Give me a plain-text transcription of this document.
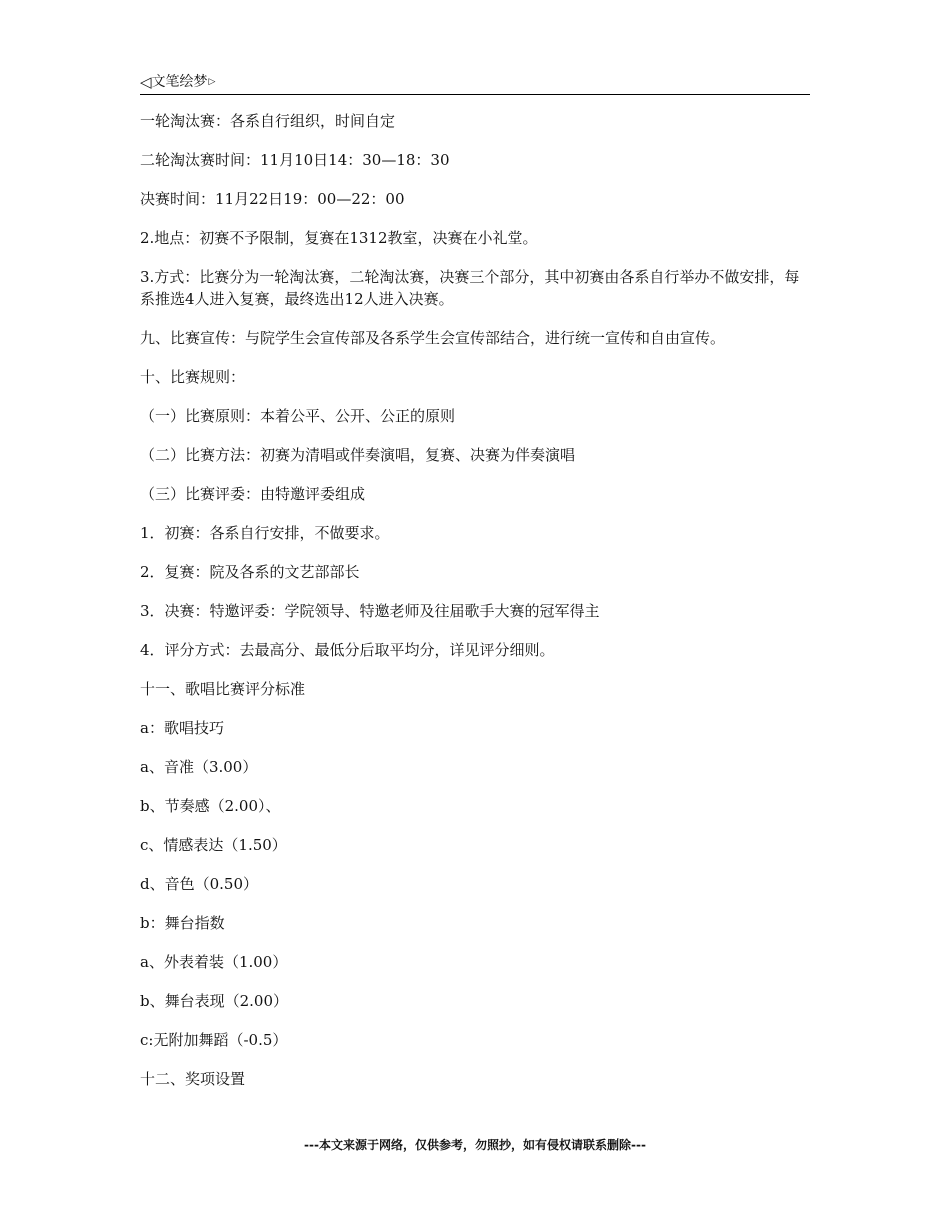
◁文笔绘梦▷

一轮淘汰赛：各系自行组织，时间自定

二轮淘汰赛时间：11月10日14：30—18：30

决赛时间：11月22日19：00—22：00

2.地点：初赛不予限制，复赛在1312教室，决赛在小礼堂。

3.方式：比赛分为一轮淘汰赛，二轮淘汰赛，决赛三个部分，其中初赛由各系自行举办不做安排，每系推选4人进入复赛，最终选出12人进入决赛。

九、比赛宣传：与院学生会宣传部及各系学生会宣传部结合，进行统一宣传和自由宣传。

十、比赛规则：

（一）比赛原则：本着公平、公开、公正的原则

（二）比赛方法：初赛为清唱或伴奏演唱，复赛、决赛为伴奏演唱

（三）比赛评委：由特邀评委组成

1．初赛：各系自行安排，不做要求。

2．复赛：院及各系的文艺部部长

3．决赛：特邀评委：学院领导、特邀老师及往届歌手大赛的冠军得主

4．评分方式：去最高分、最低分后取平均分，详见评分细则。

十一、歌唱比赛评分标准

a：歌唱技巧

a、音准（3.00）

b、节奏感（2.00）、

c、情感表达（1.50）

d、音色（0.50）

b：舞台指数

a、外表着装（1.00）

b、舞台表现（2.00）

c:无附加舞蹈（-0.5）

十二、奖项设置

---本文来源于网络，仅供参考，勿照抄，如有侵权请联系删除---
